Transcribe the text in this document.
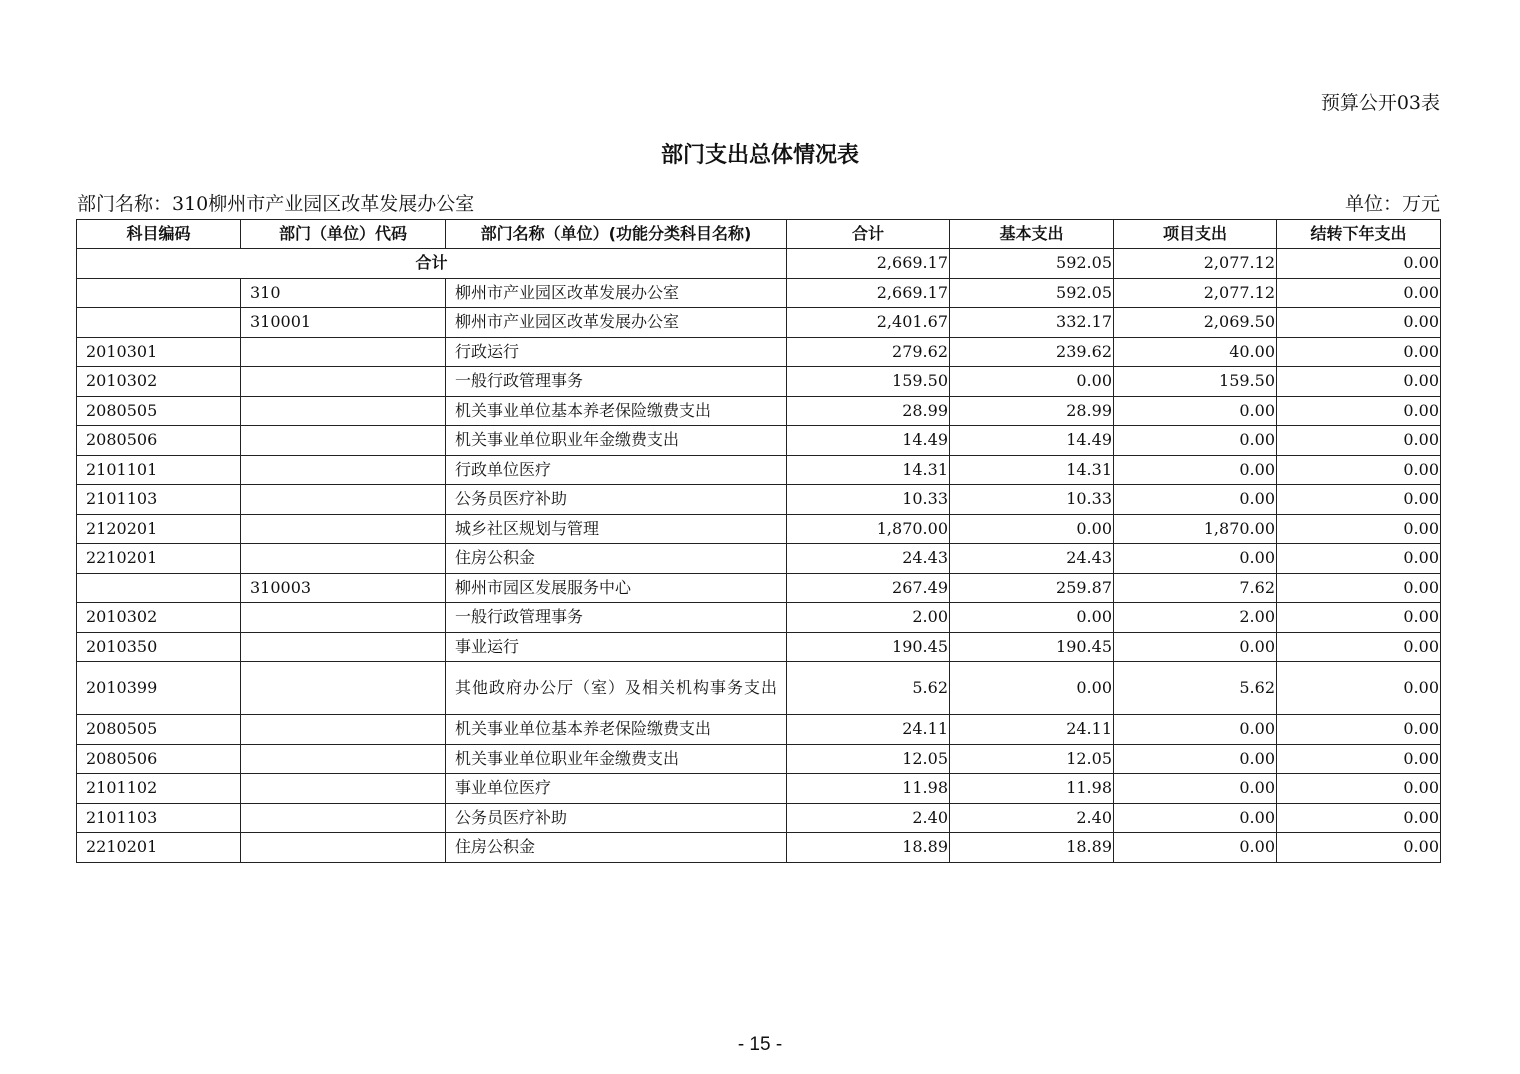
预算公开03表
部门支出总体情况表
部门名称：310柳州市产业园区改革发展办公室	单位：万元
科目编码	部门（单位）代码	部门名称（单位）(功能分类科目名称)	合计	基本支出	项目支出	结转下年支出
合计			2,669.17	592.05	2,077.12	0.00
	310	柳州市产业园区改革发展办公室	2,669.17	592.05	2,077.12	0.00
	310001	柳州市产业园区改革发展办公室	2,401.67	332.17	2,069.50	0.00
2010301		行政运行	279.62	239.62	40.00	0.00
2010302		一般行政管理事务	159.50	0.00	159.50	0.00
2080505		机关事业单位基本养老保险缴费支出	28.99	28.99	0.00	0.00
2080506		机关事业单位职业年金缴费支出	14.49	14.49	0.00	0.00
2101101		行政单位医疗	14.31	14.31	0.00	0.00
2101103		公务员医疗补助	10.33	10.33	0.00	0.00
2120201		城乡社区规划与管理	1,870.00	0.00	1,870.00	0.00
2210201		住房公积金	24.43	24.43	0.00	0.00
	310003	柳州市园区发展服务中心	267.49	259.87	7.62	0.00
2010302		一般行政管理事务	2.00	0.00	2.00	0.00
2010350		事业运行	190.45	190.45	0.00	0.00
2010399		其他政府办公厅（室）及相关机构事务支出	5.62	0.00	5.62	0.00
2080505		机关事业单位基本养老保险缴费支出	24.11	24.11	0.00	0.00
2080506		机关事业单位职业年金缴费支出	12.05	12.05	0.00	0.00
2101102		事业单位医疗	11.98	11.98	0.00	0.00
2101103		公务员医疗补助	2.40	2.40	0.00	0.00
2210201		住房公积金	18.89	18.89	0.00	0.00
- 15 -
